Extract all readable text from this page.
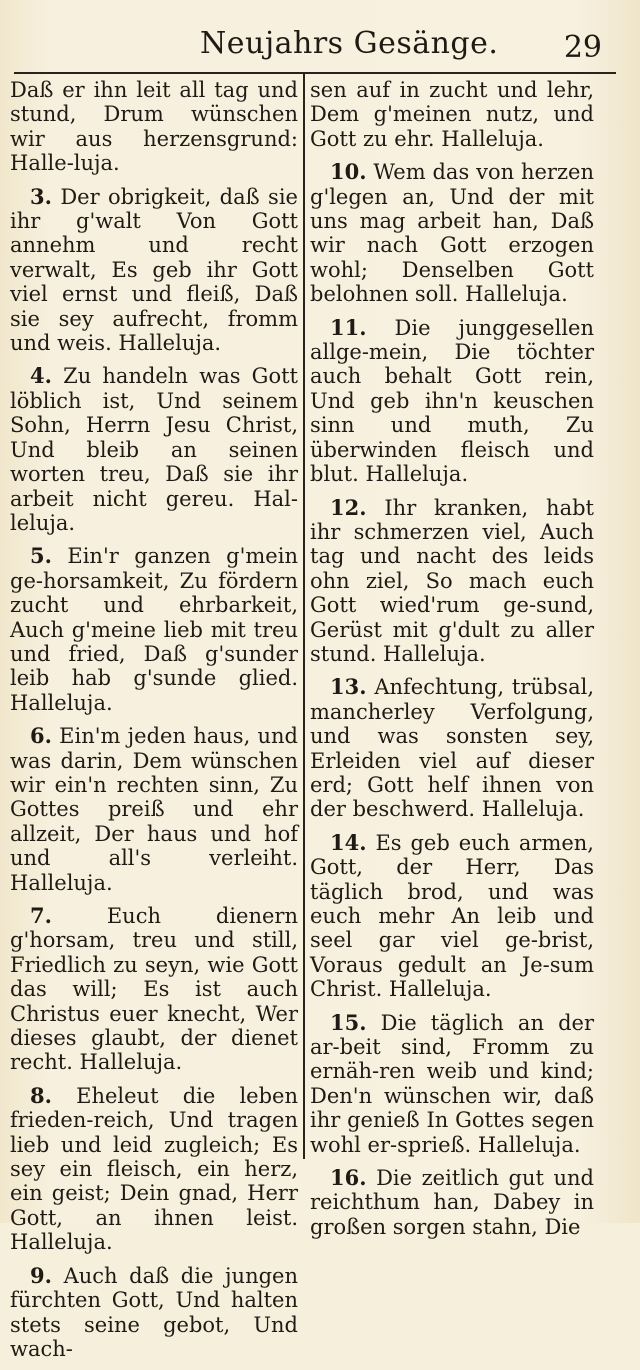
Neujahrs Gesänge. 29

Daß er ihn leit all tag und stund, Drum wünschen wir aus herzensgrund: Halle-luja.

3. Der obrigkeit, daß sie ihr g'walt Von Gott annehm und recht verwalt, Es geb ihr Gott viel ernst und fleiß, Daß sie sey aufrecht, fromm und weis. Halleluja.

4. Zu handeln was Gott löblich ist, Und seinem Sohn, Herrn Jesu Christ, Und bleib an seinen worten treu, Daß sie ihr arbeit nicht gereu. Hal-leluja.

5. Ein'r ganzen g'mein ge-horsamkeit, Zu fördern zucht und ehrbarkeit, Auch g'meine lieb mit treu und fried, Daß g'sunder leib hab g'sunde glied. Halleluja.

6. Ein'm jeden haus, und was darin, Dem wünschen wir ein'n rechten sinn, Zu Gottes preiß und ehr allzeit, Der haus und hof und all's verleiht. Halleluja.

7.	Euch dienern g'horsam, treu und still, Friedlich zu seyn, wie Gott das will; Es ist auch Christus euer knecht, Wer dieses glaubt, der dienet recht. Halleluja.

8. Eheleut die leben frieden-reich, Und tragen lieb und leid zugleich; Es sey ein fleisch, ein herz, ein geist; Dein gnad, Herr Gott, an ihnen leist. Halleluja.

9. Auch daß die jungen fürchten Gott, Und halten stets seine gebot, Und wach-

sen auf in zucht und lehr, Dem g'meinen nutz, und Gott zu ehr. Halleluja.

10. Wem das von herzen g'legen an, Und der mit uns mag arbeit han, Daß wir nach Gott erzogen wohl; Denselben Gott belohnen soll. Halleluja.

11. Die junggesellen allge-mein, Die töchter auch behalt Gott rein, Und geb ihn'n keuschen sinn und muth, Zu überwinden fleisch und blut. Halleluja.

12. Ihr kranken, habt ihr schmerzen viel, Auch tag und nacht des leids ohn ziel, So mach euch Gott wied'rum ge-sund, Gerüst mit g'dult zu aller stund. Halleluja.

13. Anfechtung, trübsal, mancherley Verfolgung, und was sonsten sey, Erleiden viel auf dieser erd; Gott helf ihnen von der beschwerd. Halleluja.

14. Es geb euch armen, Gott, der Herr, Das täglich brod, und was euch mehr An leib und seel gar viel ge-brist, Voraus gedult an Je-sum Christ. Halleluja.

15. Die täglich an der ar-beit sind, Fromm zu ernäh-ren weib und kind; Den'n wünschen wir, daß ihr genieß In Gottes segen wohl er-sprieß. Halleluja.

16. Die zeitlich gut und reichthum han, Dabey in großen sorgen stahn, Die
